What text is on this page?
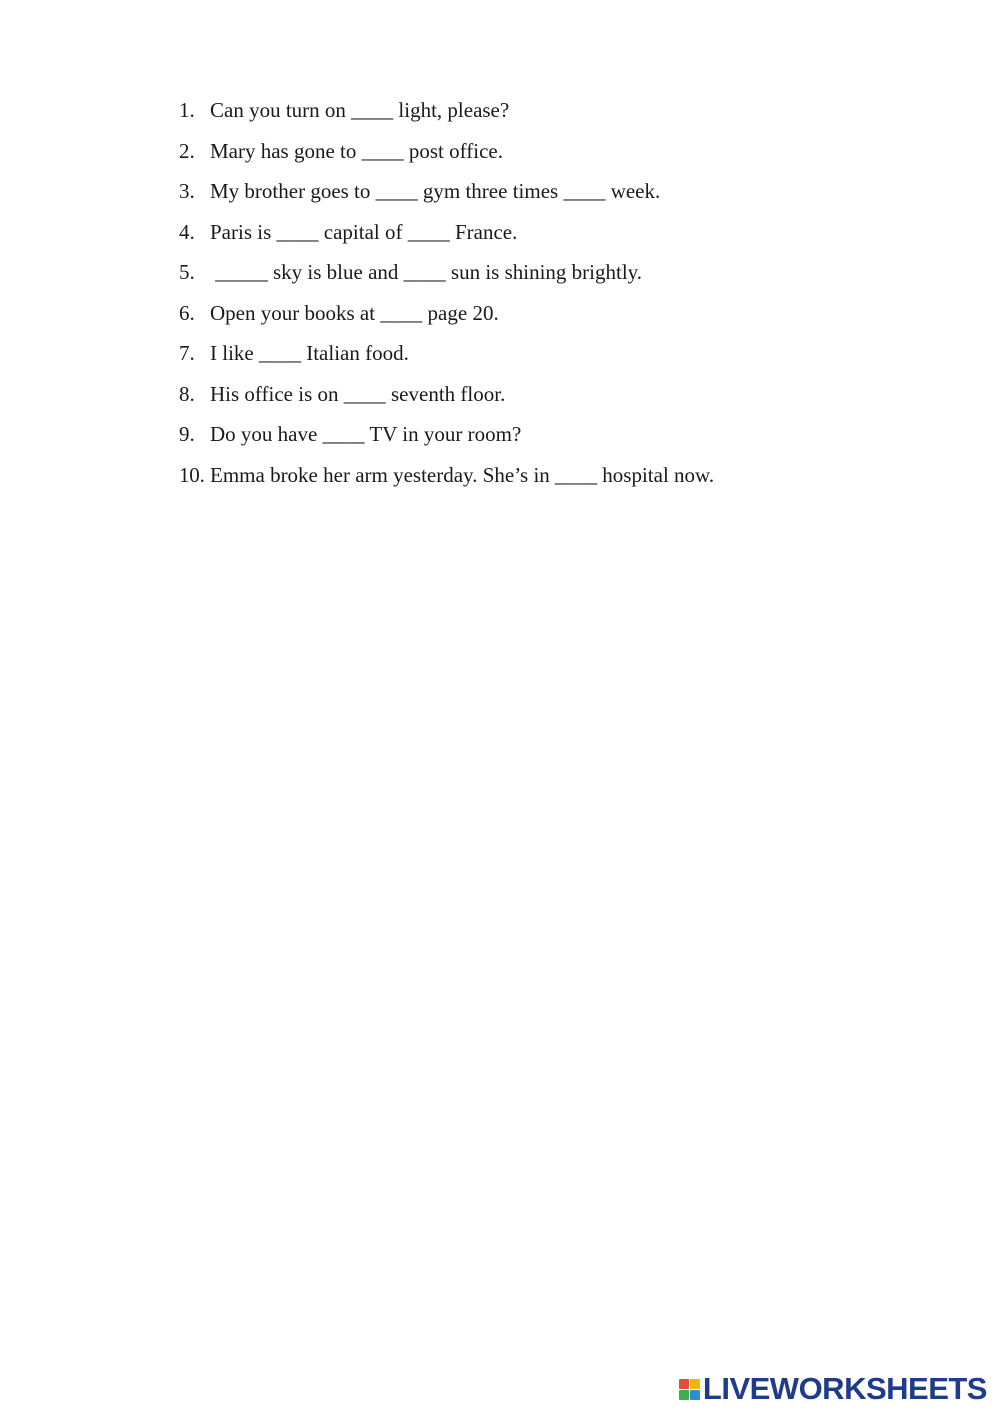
1. Can you turn on ____ light, please?
2. Mary has gone to ____ post office.
3. My brother goes to ____ gym three times ____ week.
4. Paris is ____ capital of ____ France.
5. _____ sky is blue and ____ sun is shining brightly.
6. Open your books at ____ page 20.
7. I like ____ Italian food.
8. His office is on ____ seventh floor.
9. Do you have ____ TV in your room?
10. Emma broke her arm yesterday. She’s in ____ hospital now.
LIVEWORKSHEETS
